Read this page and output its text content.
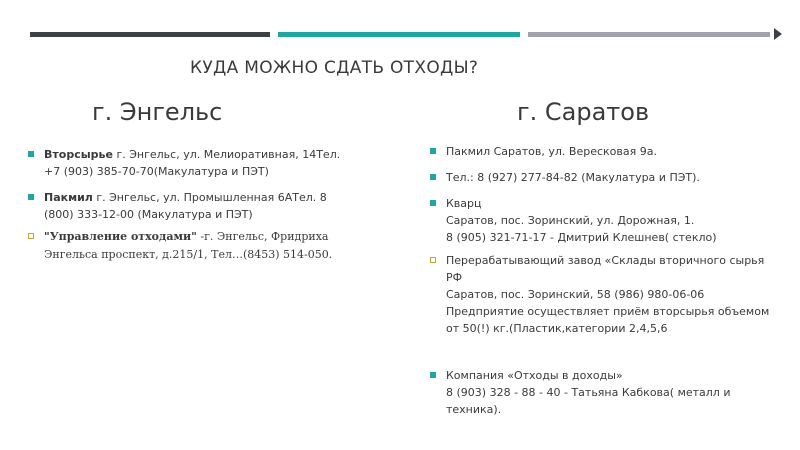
КУДА МОЖНО СДАТЬ ОТХОДЫ?
г. Энгельс	г. Саратов
Вторсырье г. Энгельс, ул. Мелиоративная, 14Тел.
+7 (903) 385-70-70(Макулатура и ПЭТ)
Пакмил г. Энгельс, ул. Промышленная 6АТел. 8
(800) 333-12-00 (Макулатура и ПЭТ)
"Управление отходами" -г. Энгельс, Фридриха
Энгельса проспект, д.215/1, Тел…(8453) 514-050.
Пакмил Саратов, ул. Вересковая 9а.
Тел.: 8 (927) 277-84-82 (Макулатура и ПЭТ).
Кварц
Саратов, пос. Зоринский, ул. Дорожная, 1.
8 (905) 321-71-17 - Дмитрий Клешнев( стекло)
Перерабатывающий завод «Склады вторичного сырья
РФ
Саратов, пос. Зоринский, 58 (986) 980-06-06
Предприятие осуществляет приём вторсырья объемом
от 50(!) кг.(Пластик,категории 2,4,5,6
Компания «Отходы в доходы»
8 (903) 328 - 88 - 40 - Татьяна Кабкова( металл и
техника).
